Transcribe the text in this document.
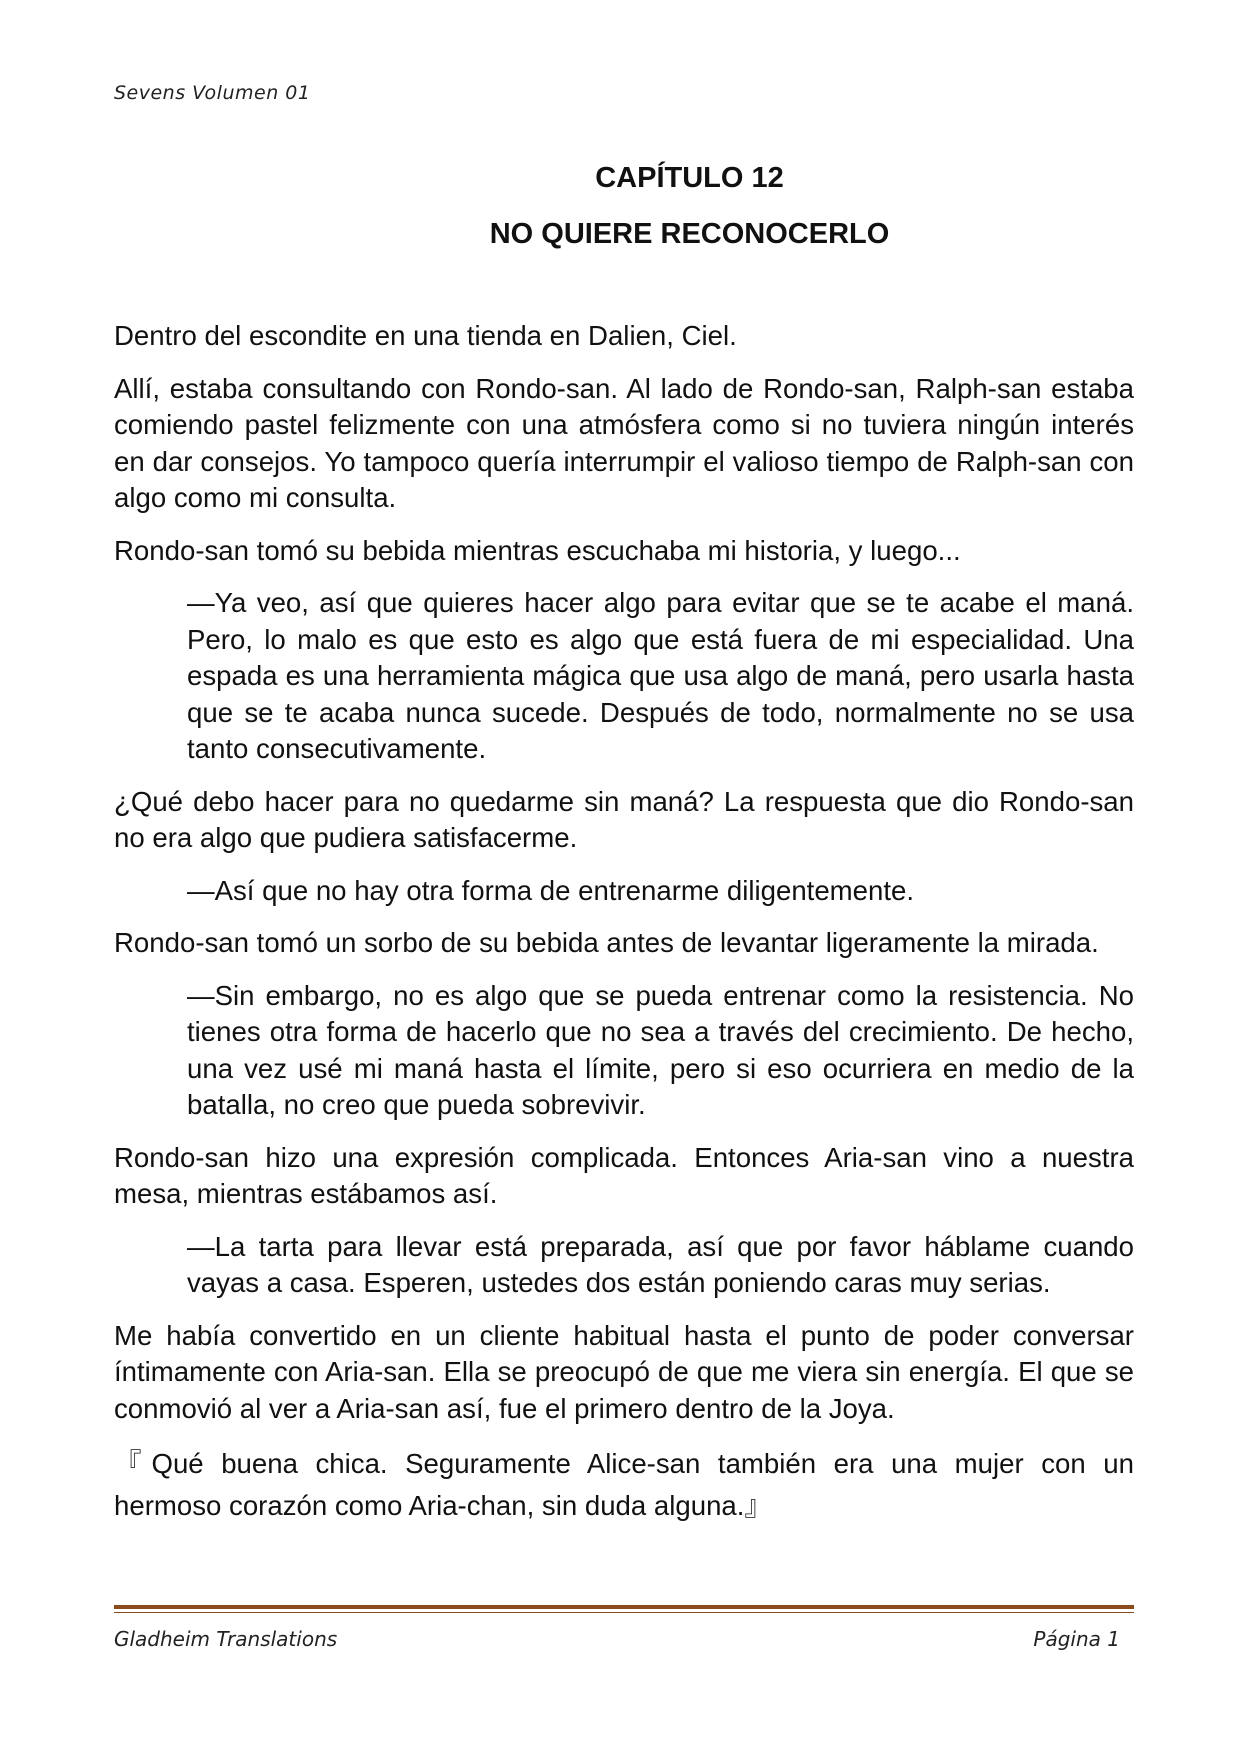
Sevens Volumen 01
CAPÍTULO 12
NO QUIERE RECONOCERLO

Dentro del escondite en una tienda en Dalien, Ciel.

Allí, estaba consultando con Rondo-san. Al lado de Rondo-san, Ralph-san estaba comiendo pastel felizmente con una atmósfera como si no tuviera ningún interés en dar consejos. Yo tampoco quería interrumpir el valioso tiempo de Ralph-san con algo como mi consulta.

Rondo-san tomó su bebida mientras escuchaba mi historia, y luego...

—Ya veo, así que quieres hacer algo para evitar que se te acabe el maná. Pero, lo malo es que esto es algo que está fuera de mi especialidad. Una espada es una herramienta mágica que usa algo de maná, pero usarla hasta que se te acaba nunca sucede. Después de todo, normalmente no se usa tanto consecutivamente.

¿Qué debo hacer para no quedarme sin maná? La respuesta que dio Rondo-san no era algo que pudiera satisfacerme.

—Así que no hay otra forma de entrenarme diligentemente.

Rondo-san tomó un sorbo de su bebida antes de levantar ligeramente la mirada.

—Sin embargo, no es algo que se pueda entrenar como la resistencia. No tienes otra forma de hacerlo que no sea a través del crecimiento. De hecho, una vez usé mi maná hasta el límite, pero si eso ocurriera en medio de la batalla, no creo que pueda sobrevivir.

Rondo-san hizo una expresión complicada. Entonces Aria-san vino a nuestra mesa, mientras estábamos así.

—La tarta para llevar está preparada, así que por favor háblame cuando vayas a casa. Esperen, ustedes dos están poniendo caras muy serias.

Me había convertido en un cliente habitual hasta el punto de poder conversar íntimamente con Aria-san. Ella se preocupó de que me viera sin energía. El que se conmovió al ver a Aria-san así, fue el primero dentro de la Joya.

『Qué buena chica. Seguramente Alice-san también era una mujer con un hermoso corazón como Aria-chan, sin duda alguna.』

Gladheim Translations	Página 1
